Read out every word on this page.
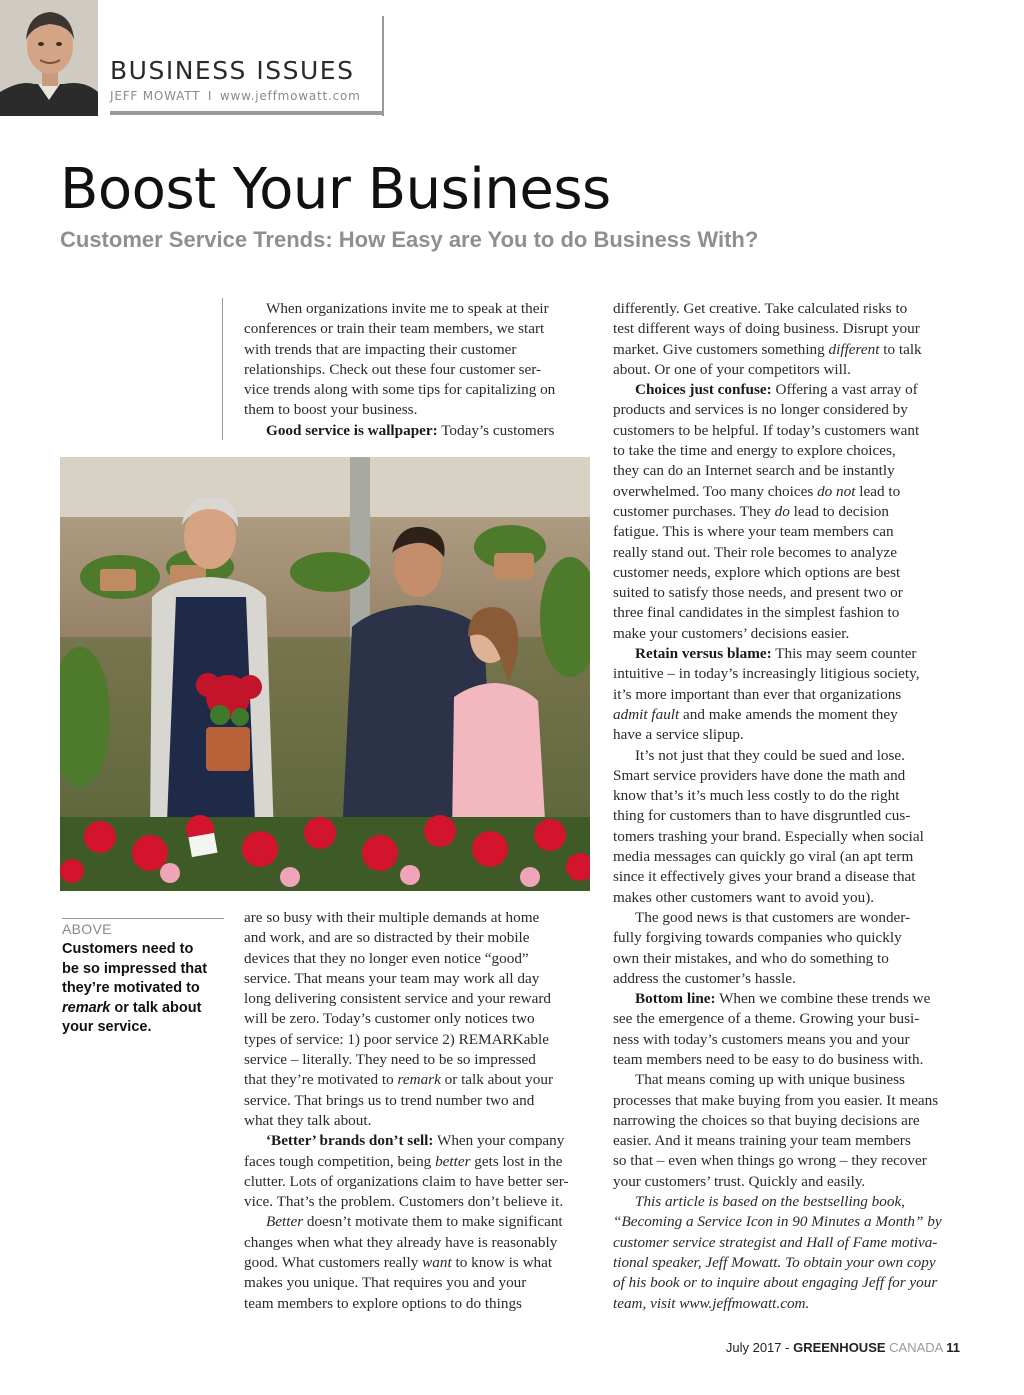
BUSINESS ISSUES
JEFF MOWATT I www.jeffmowatt.com
Boost Your Business
Customer Service Trends: How Easy are You to do Business With?

When organizations invite me to speak at their
conferences or train their team members, we start
with trends that are impacting their customer
relationships. Check out these four customer ser-
vice trends along with some tips for capitalizing on
them to boost your business.

Good service is wallpaper: Today’s customers

ABOVE
Customers need to
be so impressed that
they’re motivated to
remark or talk about
your service.

are so busy with their multiple demands at home
and work, and are so distracted by their mobile
devices that they no longer even notice “good”
service. That means your team may work all day
long delivering consistent service and your reward
will be zero. Today’s customer only notices two
types of service: 1) poor service 2) REMARKable
service – literally. They need to be so impressed
that they’re motivated to remark or talk about your
service. That brings us to trend number two and
what they talk about.

‘Better’ brands don’t sell: When your company
faces tough competition, being better gets lost in the
clutter. Lots of organizations claim to have better ser-
vice. That’s the problem. Customers don’t believe it.

Better doesn’t motivate them to make significant
changes when what they already have is reasonably
good. What customers really want to know is what
makes you unique. That requires you and your
team members to explore options to do things

differently. Get creative. Take calculated risks to
test different ways of doing business. Disrupt your
market. Give customers something different to talk
about. Or one of your competitors will.

Choices just confuse: Offering a vast array of
products and services is no longer considered by
customers to be helpful. If today’s customers want
to take the time and energy to explore choices,
they can do an Internet search and be instantly
overwhelmed. Too many choices do not lead to
customer purchases. They do lead to decision
fatigue. This is where your team members can
really stand out. Their role becomes to analyze
customer needs, explore which options are best
suited to satisfy those needs, and present two or
three final candidates in the simplest fashion to
make your customers’ decisions easier.

Retain versus blame: This may seem counter
intuitive – in today’s increasingly litigious society,
it’s more important than ever that organizations
admit fault and make amends the moment they
have a service slipup.

It’s not just that they could be sued and lose.
Smart service providers have done the math and
know that’s it’s much less costly to do the right
thing for customers than to have disgruntled cus-
tomers trashing your brand. Especially when social
media messages can quickly go viral (an apt term
since it effectively gives your brand a disease that
makes other customers want to avoid you).

The good news is that customers are wonder-
fully forgiving towards companies who quickly
own their mistakes, and who do something to
address the customer’s hassle.

Bottom line: When we combine these trends we
see the emergence of a theme. Growing your busi-
ness with today’s customers means you and your
team members need to be easy to do business with.

That means coming up with unique business
processes that make buying from you easier. It means
narrowing the choices so that buying decisions are
easier. And it means training your team members
so that – even when things go wrong – they recover
your customers’ trust. Quickly and easily.

This article is based on the bestselling book,
“Becoming a Service Icon in 90 Minutes a Month” by
customer service strategist and Hall of Fame motiva-
tional speaker, Jeff Mowatt. To obtain your own copy
of his book or to inquire about engaging Jeff for your
team, visit www.jeffmowatt.com.

July 2017 - GREENHOUSE CANADA 11
